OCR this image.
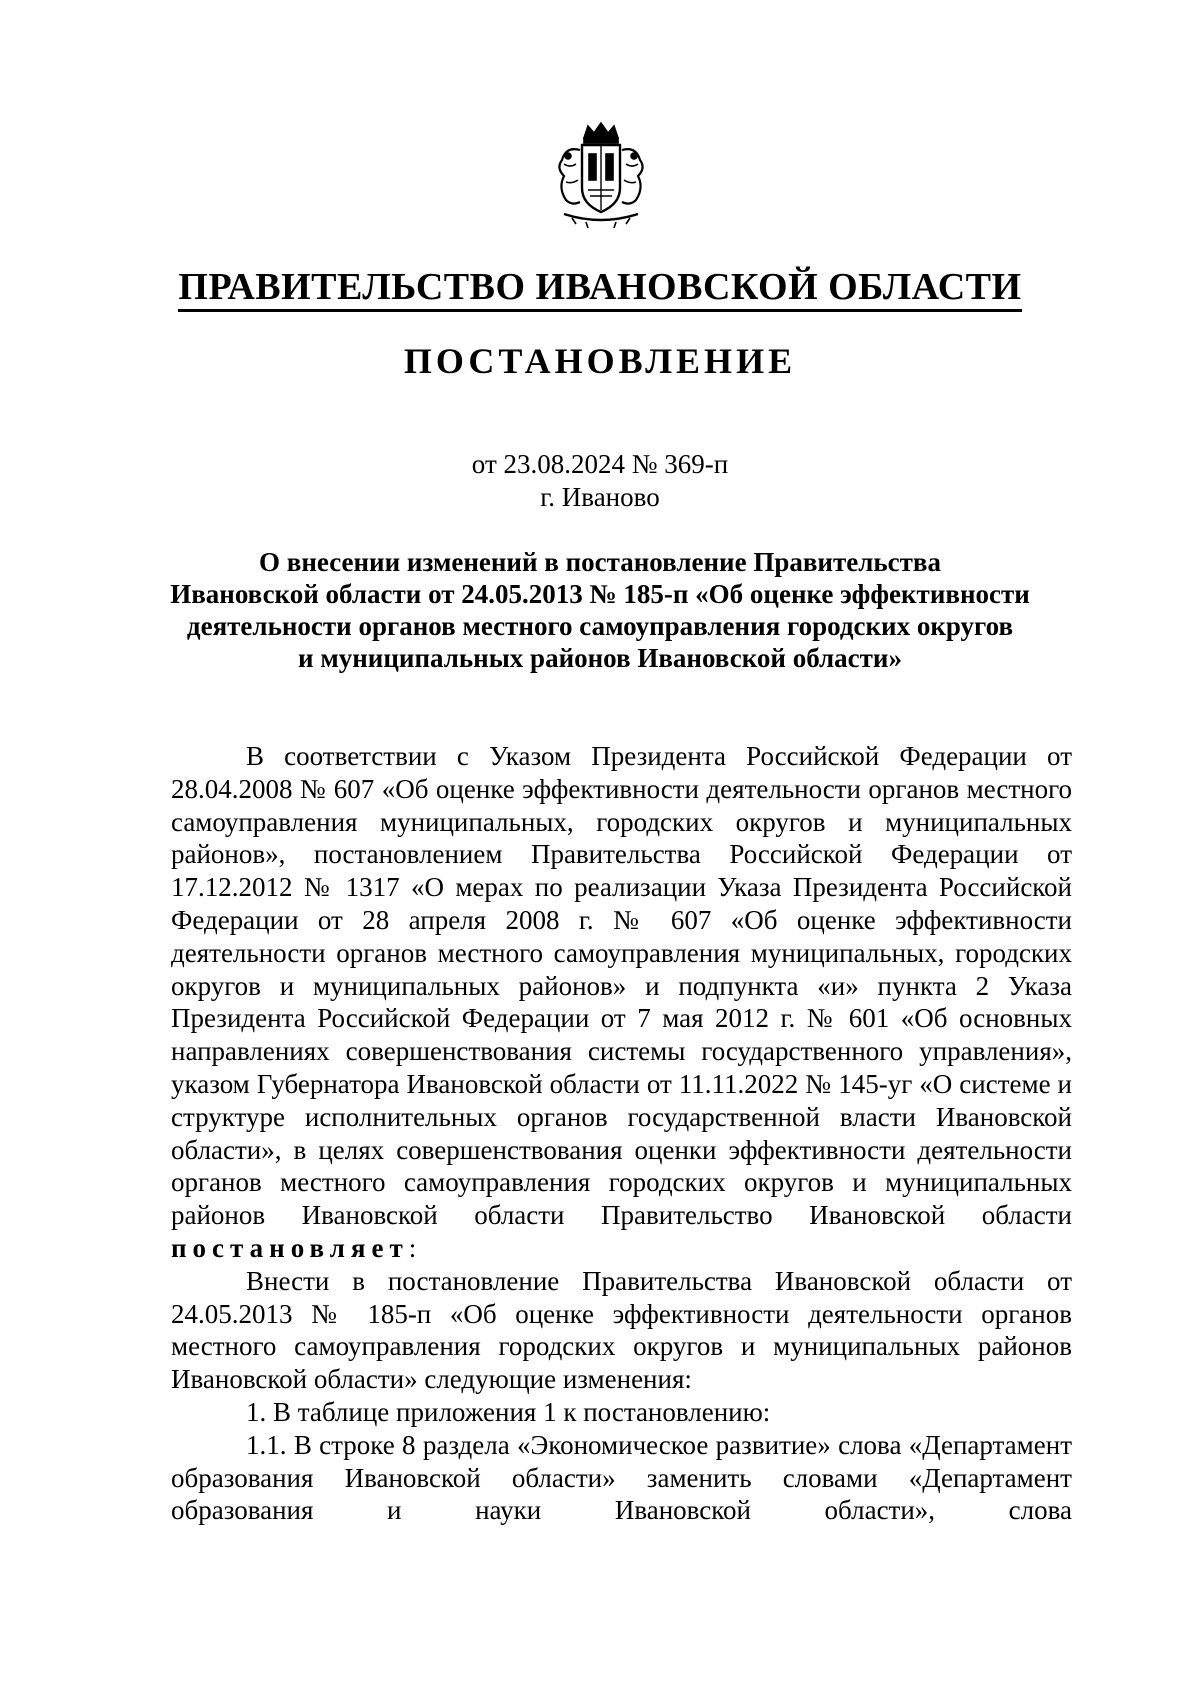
ПРАВИТЕЛЬСТВО ИВАНОВСКОЙ ОБЛАСТИ
ПОСТАНОВЛЕНИЕ
от 23.08.2024 № 369-п
г. Иваново
О внесении изменений в постановление Правительства
Ивановской области от 24.05.2013 № 185-п «Об оценке эффективности
деятельности органов местного самоуправления городских округов
и муниципальных районов Ивановской области»

В соответствии с Указом Президента Российской Федерации от 28.04.2008 № 607 «Об оценке эффективности деятельности органов местного самоуправления муниципальных, городских округов и муниципальных районов», постановлением Правительства Российской Федерации от 17.12.2012 № 1317 «О мерах по реализации Указа Президента Российской Федерации от 28 апреля 2008 г. № 607 «Об оценке эффективности деятельности органов местного самоуправления муниципальных, городских округов и муниципальных районов» и подпункта «и» пункта 2 Указа Президента Российской Федерации от 7 мая 2012 г. № 601 «Об основных направлениях совершенствования системы государственного управления», указом Губернатора Ивановской области от 11.11.2022 № 145-уг «О системе и структуре исполнительных органов государственной власти Ивановской области», в целях совершенствования оценки эффективности деятельности органов местного самоуправления городских округов и муниципальных районов Ивановской области Правительство Ивановской области постановляет:

Внести в постановление Правительства Ивановской области от 24.05.2013 № 185-п «Об оценке эффективности деятельности органов местного самоуправления городских округов и муниципальных районов Ивановской области» следующие изменения:

1. В таблице приложения 1 к постановлению:

1.1. В строке 8 раздела «Экономическое развитие» слова «Департамент образования Ивановской области» заменить словами «Департамент образования и науки Ивановской области», слова
